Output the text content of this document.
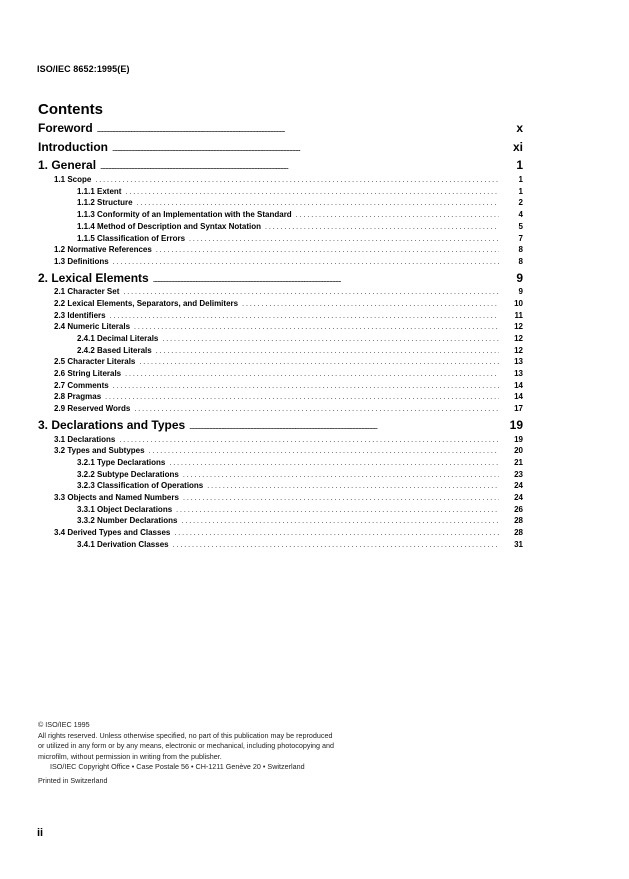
ISO/IEC 8652:1995(E)
Contents
Foreword .....	x
Introduction .....	xi
1. General .....	1
1.1 Scope . . .	1
1.1.1 Extent . . .	1
1.1.2 Structure . . .	2
1.1.3 Conformity of an Implementation with the Standard . . .	4
1.1.4 Method of Description and Syntax Notation . . .	5
1.1.5 Classification of Errors . . .	7
1.2 Normative References . . .	8
1.3 Definitions . . .	8
2. Lexical Elements .....	9
2.1 Character Set . . .	9
2.2 Lexical Elements, Separators, and Delimiters . . .	10
2.3 Identifiers . . .	11
2.4 Numeric Literals . . .	12
2.4.1 Decimal Literals . . .	12
2.4.2 Based Literals . . .	12
2.5 Character Literals . . .	13
2.6 String Literals . . .	13
2.7 Comments . . .	14
2.8 Pragmas . . .	14
2.9 Reserved Words . . .	17
3. Declarations and Types .....	19
3.1 Declarations . . .	19
3.2 Types and Subtypes . . .	20
3.2.1 Type Declarations . . .	21
3.2.2 Subtype Declarations . . .	23
3.2.3 Classification of Operations . . .	24
3.3 Objects and Named Numbers . . .	24
3.3.1 Object Declarations . . .	26
3.3.2 Number Declarations . . .	28
3.4 Derived Types and Classes . . .	28
3.4.1 Derivation Classes . . .	31
© ISO/IEC 1995
All rights reserved. Unless otherwise specified, no part of this publication may be reproduced
or utilized in any form or by any means, electronic or mechanical, including photocopying and
microfilm, without permission in writing from the publisher.
ISO/IEC Copyright Office • Case Postale 56 • CH-1211 Genève 20 • Switzerland
Printed in Switzerland
ii
